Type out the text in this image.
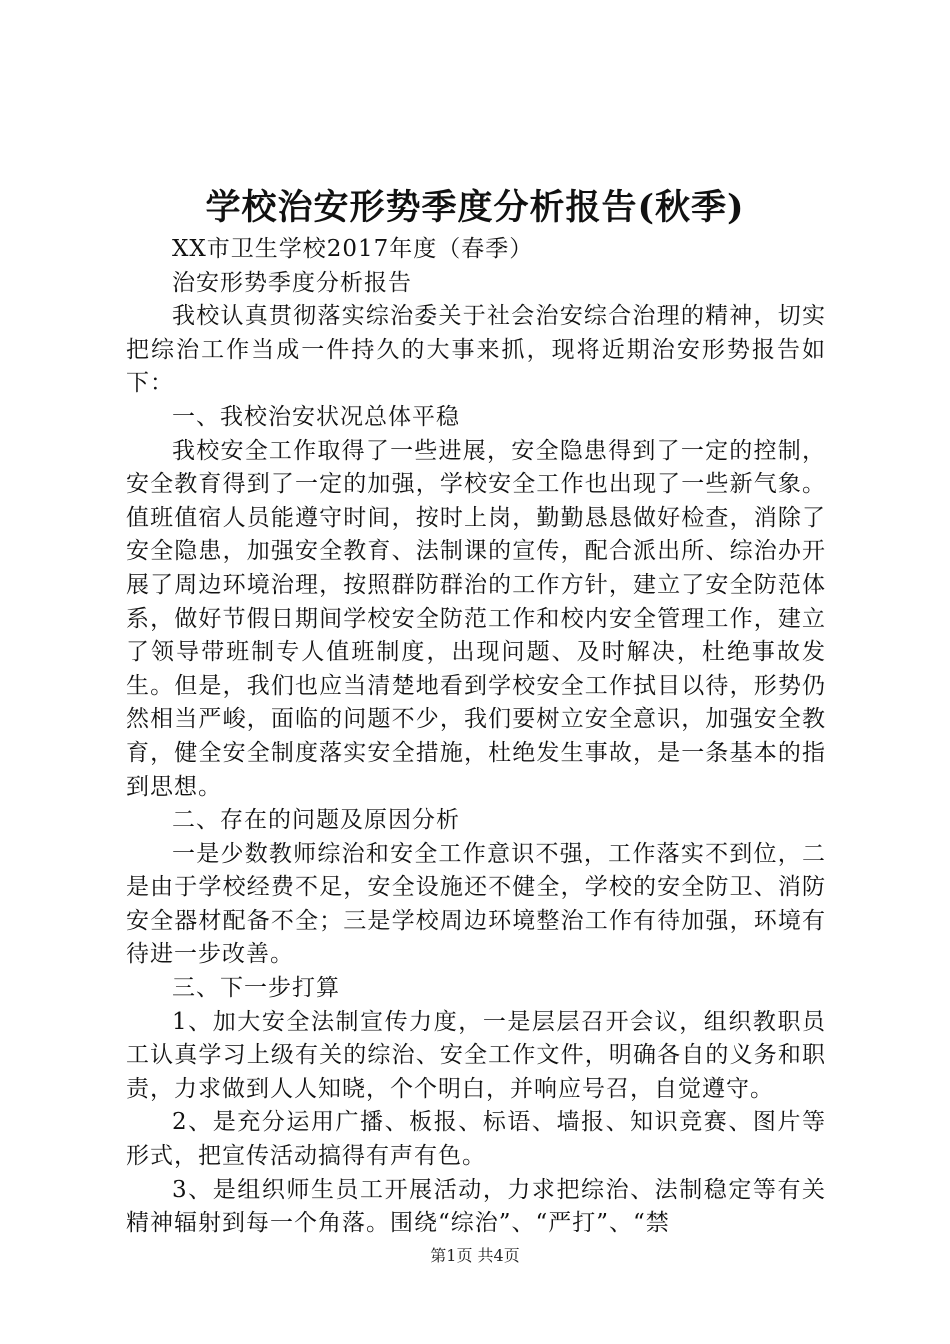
学校治安形势季度分析报告(秋季)

XX市卫生学校2017年度（春季）

治安形势季度分析报告

我校认真贯彻落实综治委关于社会治安综合治理的精神，切实把综治工作当成一件持久的大事来抓，现将近期治安形势报告如下：

一、我校治安状况总体平稳

我校安全工作取得了一些进展，安全隐患得到了一定的控制，安全教育得到了一定的加强，学校安全工作也出现了一些新气象。值班值宿人员能遵守时间，按时上岗，勤勤恳恳做好检查，消除了安全隐患，加强安全教育、法制课的宣传，配合派出所、综治办开展了周边环境治理，按照群防群治的工作方针，建立了安全防范体系，做好节假日期间学校安全防范工作和校内安全管理工作，建立了领导带班制专人值班制度，出现问题、及时解决，杜绝事故发生。但是，我们也应当清楚地看到学校安全工作拭目以待，形势仍然相当严峻，面临的问题不少，我们要树立安全意识，加强安全教育，健全安全制度落实安全措施，杜绝发生事故，是一条基本的指到思想。

二、存在的问题及原因分析

一是少数教师综治和安全工作意识不强，工作落实不到位，二是由于学校经费不足，安全设施还不健全，学校的安全防卫、消防安全器材配备不全；三是学校周边环境整治工作有待加强，环境有待进一步改善。

三、下一步打算

1、加大安全法制宣传力度，一是层层召开会议，组织教职员工认真学习上级有关的综治、安全工作文件，明确各自的义务和职责，力求做到人人知晓，个个明白，并响应号召，自觉遵守。

2、是充分运用广播、板报、标语、墙报、知识竞赛、图片等形式，把宣传活动搞得有声有色。

3、是组织师生员工开展活动，力求把综治、法制稳定等有关精神辐射到每一个角落。围绕“综治”、“严打”、“禁

第1页 共4页
